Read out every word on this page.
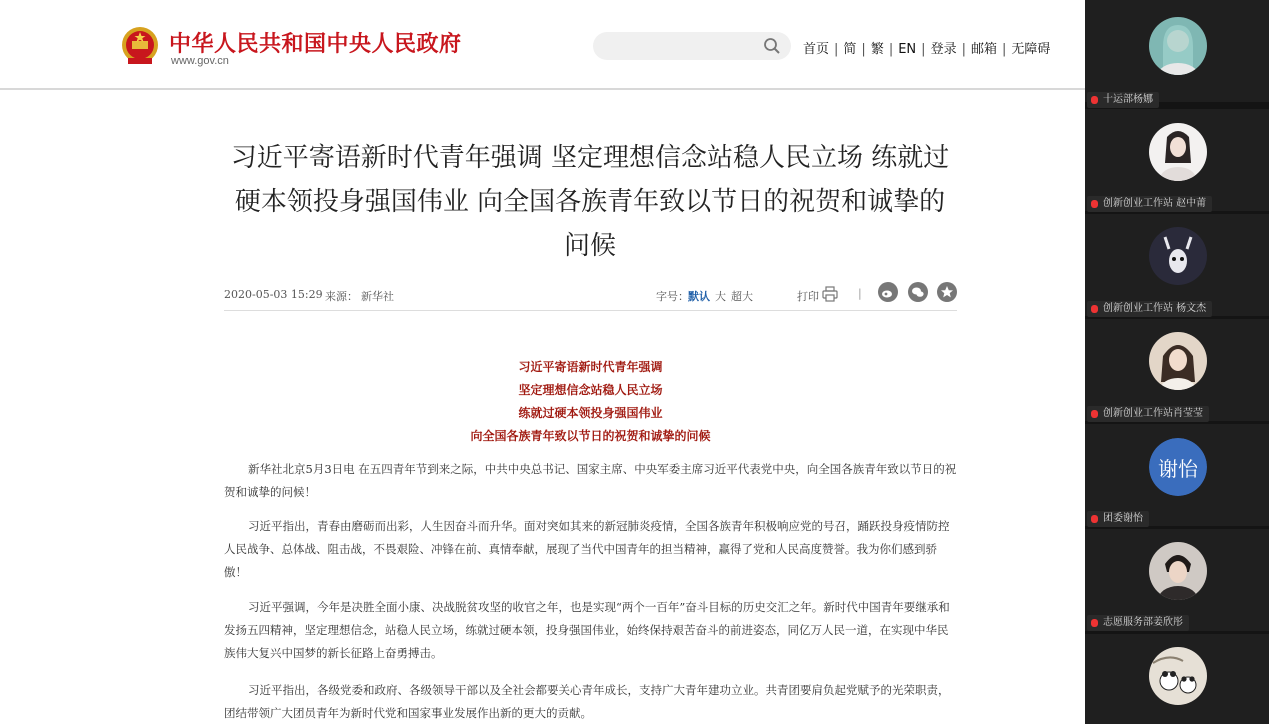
中华人民共和国中央人民政府
www.gov.cn
首页 | 简 | 繁 | EN | 登录 | 邮箱 | 无障碍
习近平寄语新时代青年强调 坚定理想信念站稳人民立场 练就过硬本领投身强国伟业 向全国各族青年致以节日的祝贺和诚挚的问候
2020-05-03 15:29 来源： 新华社	字号： 默认 大 超大	打印	|
习近平寄语新时代青年强调
坚定理想信念站稳人民立场
练就过硬本领投身强国伟业
向全国各族青年致以节日的祝贺和诚挚的问候

新华社北京5月3日电 在五四青年节到来之际，中共中央总书记、国家主席、中央军委主席习近平代表党中央，向全国各族青年致以节日的祝贺和诚挚的问候！

习近平指出，青春由磨砺而出彩，人生因奋斗而升华。面对突如其来的新冠肺炎疫情，全国各族青年积极响应党的号召，踊跃投身疫情防控人民战争、总体战、阻击战，不畏艰险、冲锋在前、真情奉献，展现了当代中国青年的担当精神，赢得了党和人民高度赞誉。我为你们感到骄傲！

习近平强调，今年是决胜全面小康、决战脱贫攻坚的收官之年，也是实现“两个一百年”奋斗目标的历史交汇之年。新时代中国青年要继承和发扬五四精神，坚定理想信念，站稳人民立场，练就过硬本领，投身强国伟业，始终保持艰苦奋斗的前进姿态，同亿万人民一道，在实现中华民族伟大复兴中国梦的新长征路上奋勇搏击。

习近平指出，各级党委和政府、各级领导干部以及全社会都要关心青年成长，支持广大青年建功立业。共青团要肩负起党赋予的光荣职责，团结带领广大团员青年为新时代党和国家事业发展作出新的更大的贡献。

十运部杨娜
创新创业工作站 赵中莆
创新创业工作站 杨文杰
创新创业工作站肖莹莹
谢怡
团委谢怡
志愿服务部姜欣彤
